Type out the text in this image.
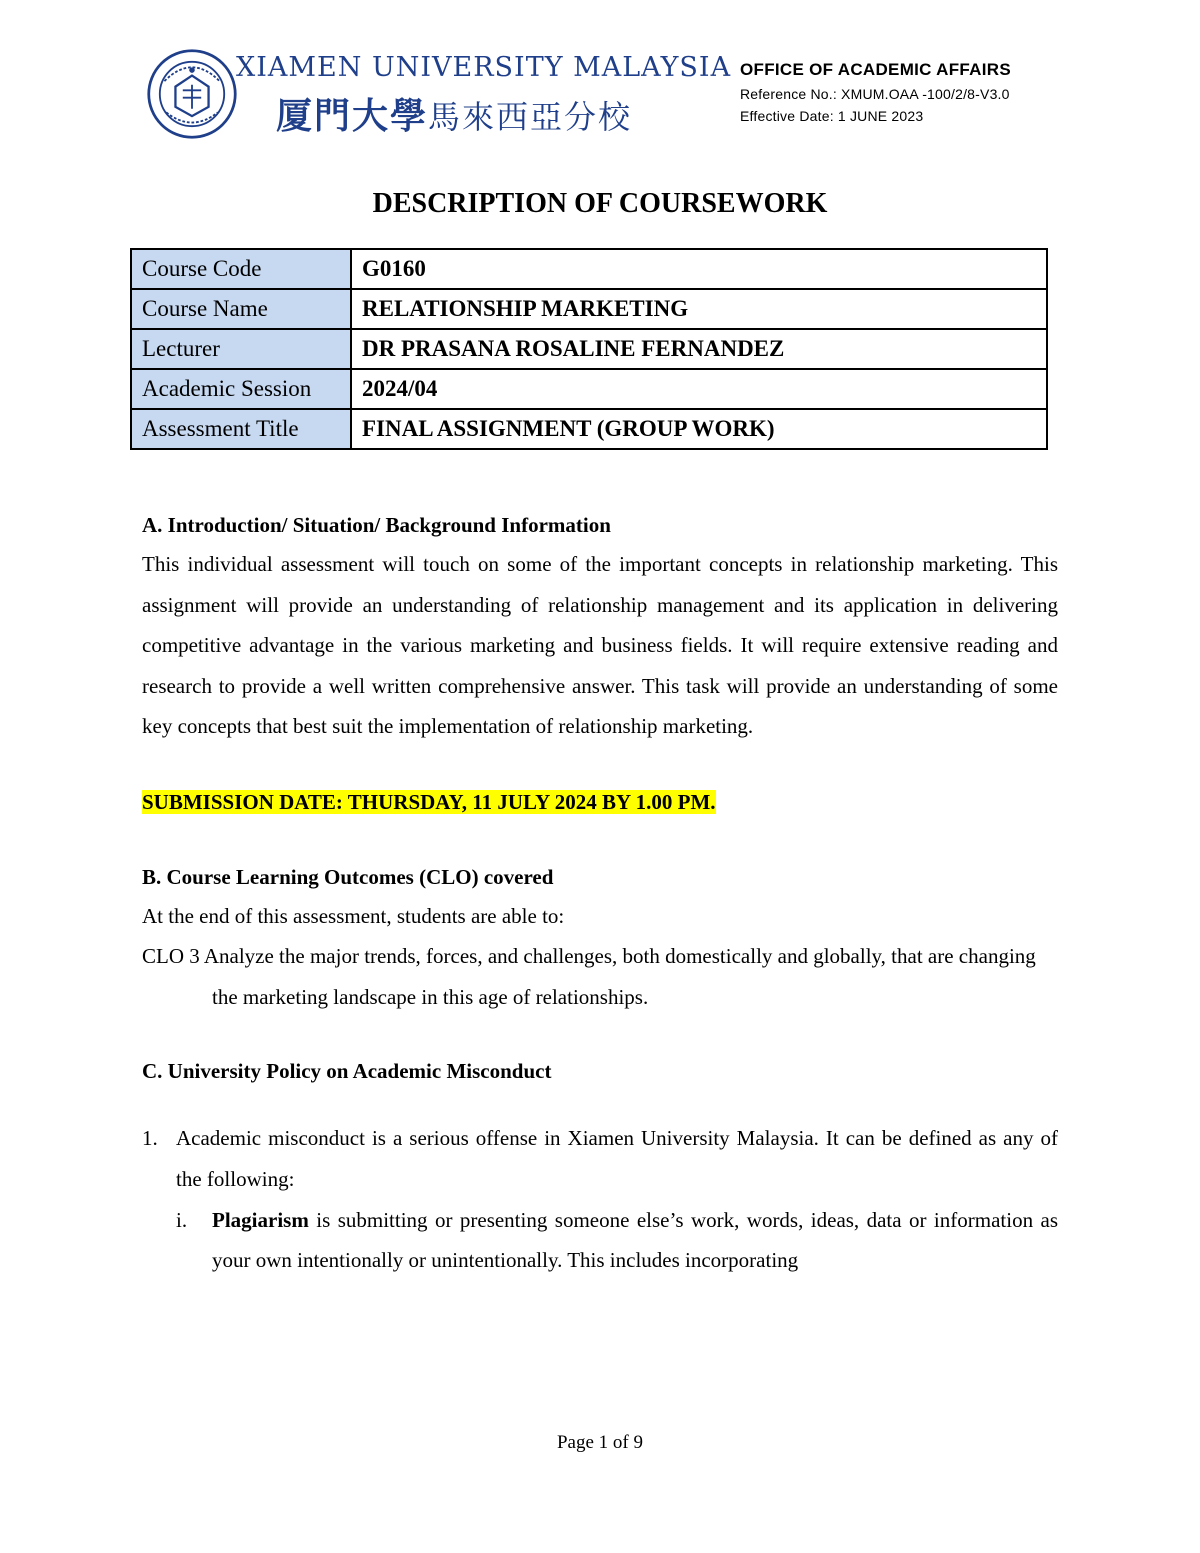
XIAMEN UNIVERSITY MALAYSIA
厦門大學馬來西亞分校
OFFICE OF ACADEMIC AFFAIRS
Reference No.: XMUM.OAA -100/2/8-V3.0
Effective Date: 1 JUNE 2023
DESCRIPTION OF COURSEWORK
Course Code	G0160
Course Name	RELATIONSHIP MARKETING
Lecturer	DR PRASANA ROSALINE FERNANDEZ
Academic Session	2024/04
Assessment Title	FINAL ASSIGNMENT (GROUP WORK)

A. Introduction/ Situation/ Background Information

This individual assessment will touch on some of the important concepts in relationship marketing. This assignment will provide an understanding of relationship management and its application in delivering competitive advantage in the various marketing and business fields. It will require extensive reading and research to provide a well written comprehensive answer. This task will provide an understanding of some key concepts that best suit the implementation of relationship marketing.

SUBMISSION DATE: THURSDAY, 11 JULY 2024 BY 1.00 PM.

B. Course Learning Outcomes (CLO) covered

At the end of this assessment, students are able to:

CLO 3 Analyze the major trends, forces, and challenges, both domestically and globally, that are changing the marketing landscape in this age of relationships.

C. University Policy on Academic Misconduct

1. Academic misconduct is a serious offense in Xiamen University Malaysia. It can be defined as any of the following:
i. Plagiarism is submitting or presenting someone else’s work, words, ideas, data or information as your own intentionally or unintentionally. This includes incorporating
Page 1 of 9
